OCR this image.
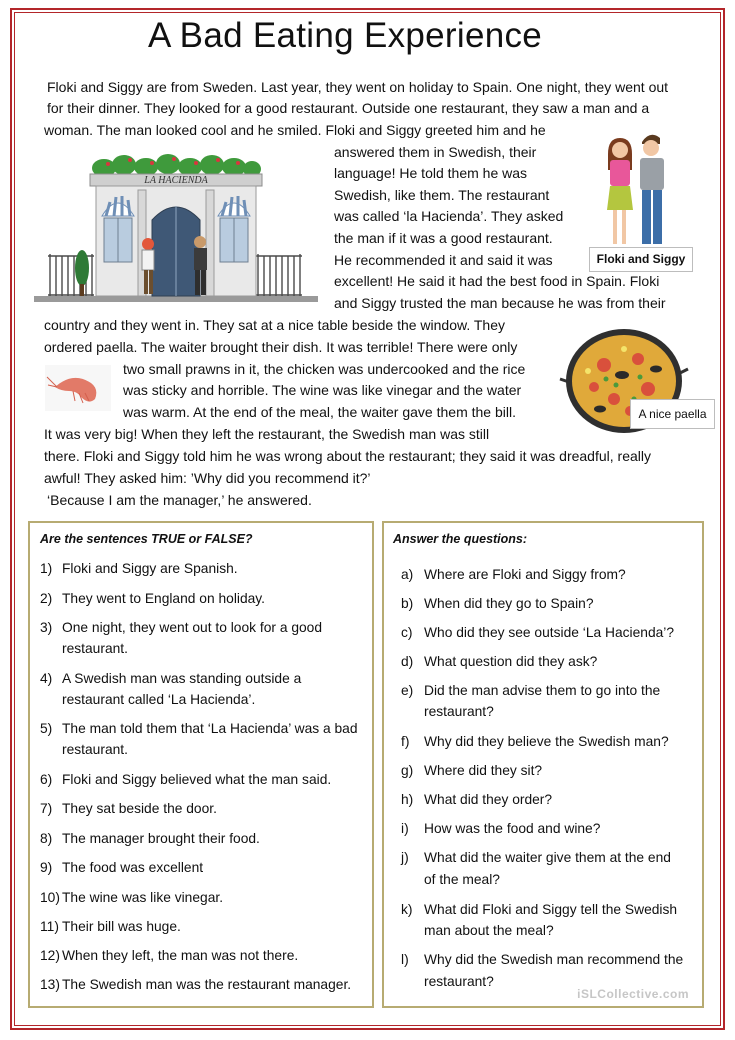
A Bad Eating Experience
Floki and Siggy are from Sweden. Last year, they went on holiday to Spain. One night, they went out
for their dinner. They looked for a good restaurant. Outside one restaurant, they saw a man and a
woman. The man looked cool and he smiled. Floki and Siggy greeted him and he
answered them in Swedish, their
language! He told them he was
Swedish, like them. The restaurant
was called ‘la Hacienda’. They asked
the man if it was a good restaurant.
He recommended it and said it was
excellent! He said it had the best food in Spain. Floki
and Siggy trusted the man because he was from their
country and they went in. They sat at a nice table beside the window. They
ordered paella. The waiter brought their dish. It was terrible! There were only
two small prawns in it, the chicken was undercooked and the rice
was sticky and horrible. The wine was like vinegar and the water
was warm. At the end of the meal, the waiter gave them the bill.
It was very big! When they left the restaurant, the Swedish man was still
there. Floki and Siggy told him he was wrong about the restaurant; they said it was dreadful, really
awful! They asked him: ’Why did you recommend it?’
‘Because I am the manager,’ he answered.
LA HACIENDA
Floki and Siggy
A nice paella
Are the sentences TRUE or FALSE?
1) Floki and Siggy are Spanish.
2) They went to England on holiday.
3) One night, they went out to look for a good
restaurant.
4) A Swedish man was standing outside a
restaurant called ‘La Hacienda’.
5) The man told them that ‘La Hacienda’ was a bad
restaurant.
6) Floki and Siggy believed what the man said.
7) They sat beside the door.
8) The manager brought their food.
9) The food was excellent
10) The wine was like vinegar.
11) Their bill was huge.
12) When they left, the man was not there.
13) The Swedish man was the restaurant manager.
Answer the questions:
a) Where are Floki and Siggy from?
b) When did they go to Spain?
c) Who did they see outside ‘La Hacienda’?
d) What question did they ask?
e) Did the man advise them to go into the
restaurant?
f) Why did they believe the Swedish man?
g) Where did they sit?
h) What did they order?
i) How was the food and wine?
j) What did the waiter give them at the end
of the meal?
k) What did Floki and Siggy tell the Swedish
man about the meal?
l) Why did the Swedish man recommend the
restaurant?
iSLCollective.com
